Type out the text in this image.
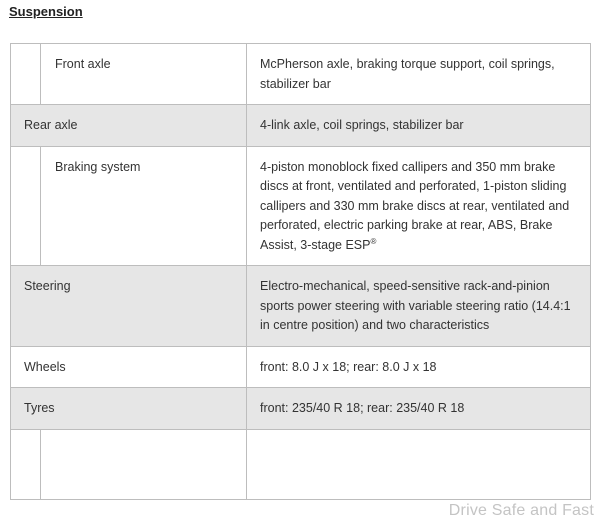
Suspension
	Front axle	McPherson axle, braking torque support, coil springs, stabilizer bar
Rear axle		4-link axle, coil springs, stabilizer bar
	Braking system	4-piston monoblock fixed callipers and 350 mm brake discs at front, ventilated and perforated, 1-piston sliding callipers and 330 mm brake discs at rear, ventilated and perforated, electric parking brake at rear, ABS, Brake Assist, 3-stage ESP®
Steering		Electro-mechanical, speed-sensitive rack-and-pinion sports power steering with variable steering ratio (14.4:1 in centre position) and two characteristics
Wheels		front: 8.0 J x 18; rear: 8.0 J x 18
Tyres		front: 235/40 R 18; rear: 235/40 R 18

Drive Safe and Fast
